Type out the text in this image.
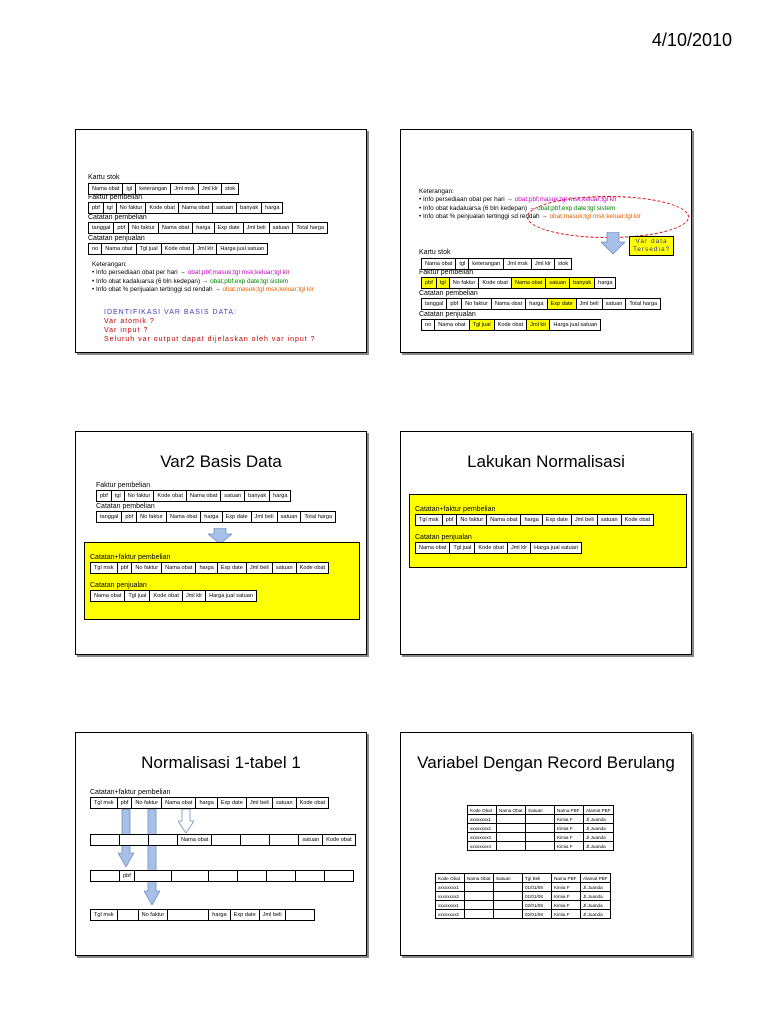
4/10/2010
Kartu stok
Nama obat	tgl	keterangan	Jml msk	Jml klr	stok
Faktur pembelian
pbf	tgl	No faktur	Kode obat	Nama obat	satuan	banyak	harga
Catatan pembelian
tanggal	pbf	No faktur	Nama obat	harga	Exp date	Jml beli	satuan	Total harga
Catatan penjualan
no	Nama obat	Tgl jual	Kode obat	Jml klr	Harga jual satuan
Keterangan:
• Info persediaan obat per hari → obat;pbf;masuk;tgl msk;keluar;tgl klr
• Info obat kadaluarsa (6 bln kedepan) → obat;pbf;exp date;tgl sistem
• Info obat % penjualan tertinggi sd rendah → obat;masuk;tgl msk;keluar;tgl klr
IDENTIFIKASI VAR BASIS DATA:
Var atomik ?
Var input ?
Seluruh var output dapat dijelaskan oleh var input ?
Keterangan:
• Info persediaan obat per hari → obat;pbf;masuk;tgl msk;keluar;tgl klr
• Info obat kadaluarsa (6 bln kedepan) → obat;pbf;exp date;tgl sistem
• Info obat % penjualan tertinggi sd rendah → obat;masuk;tgl msk;keluar;tgl klr
Var data
Tersedia?
Kartu stok
Nama obat	tgl	keterangan	Jml msk	Jml klr	stok
Faktur pembelian
pbf	tgl	No faktur	Kode obat	Nama obat	satuan	banyak	harga
Catatan pembelian
tanggal	pbf	No faktur	Nama obat	harga	Exp date	Jml beli	satuan	Total harga
Catatan penjualan
no	Nama obat	Tgl jual	Kode obat	Jml klr	Harga jual satuan
Var2 Basis Data
Faktur pembelian
pbf	tgl	No faktur	Kode obat	Nama obat	satuan	banyak	harga
Catatan pembelian
tanggal	pbf	No faktur	Nama obat	harga	Exp date	Jml beli	satuan	Total harga
Catatan+faktur pembelian
Tgl msk	pbf	No faktur	Nama obat	harga	Exp date	Jml beli	satuan	Kode obat
Catatan penjualan
Nama obat	Tgl jual	Kode obat	Jml klr	Harga jual satuan
Lakukan Normalisasi
Catatan+faktur pembelian
Tgl msk	pbf	No faktur	Nama obat	harga	Exp date	Jml beli	satuan	Kode obat
Catatan penjualan
Nama obat	Tgl jual	Kode obat	Jml klr	Harga jual satuan
Normalisasi 1-tabel 1
Catatan+faktur pembelian
Tgl msk	pbf	No faktur	Nama obat	harga	Exp date	Jml beli	satuan	Kode obat
Nama obat	satuan	Kode obat
pbf
Tgl msk	No faktur	harga	Exp date	Jml beli
Variabel Dengan Record Berulang
Kode Obat	Nama Obat	Satuan	Nama PBF	Alamat PBF
xxxxxxxx1			Kimia F	Jl.Juanda
xxxxxxxx2			Kimia F	Jl.Juanda
xxxxxxxx3			Kimia F	Jl.Juanda
xxxxxxxx4			Kimia F	Jl.Juanda
Kode Obat	Nama Obat	Satuan	Tgl Beli	Nama PBF	Alamat PBF
xxxxxxxx1			01/01/08	Kimia F	Jl.Juanda
xxxxxxxx2			01/01/08	Kimia F	Jl.Juanda
xxxxxxxx1			02/01/08	Kimia F	Jl.Juanda
xxxxxxxx2			02/01/08	Kimia F	Jl.Juanda
